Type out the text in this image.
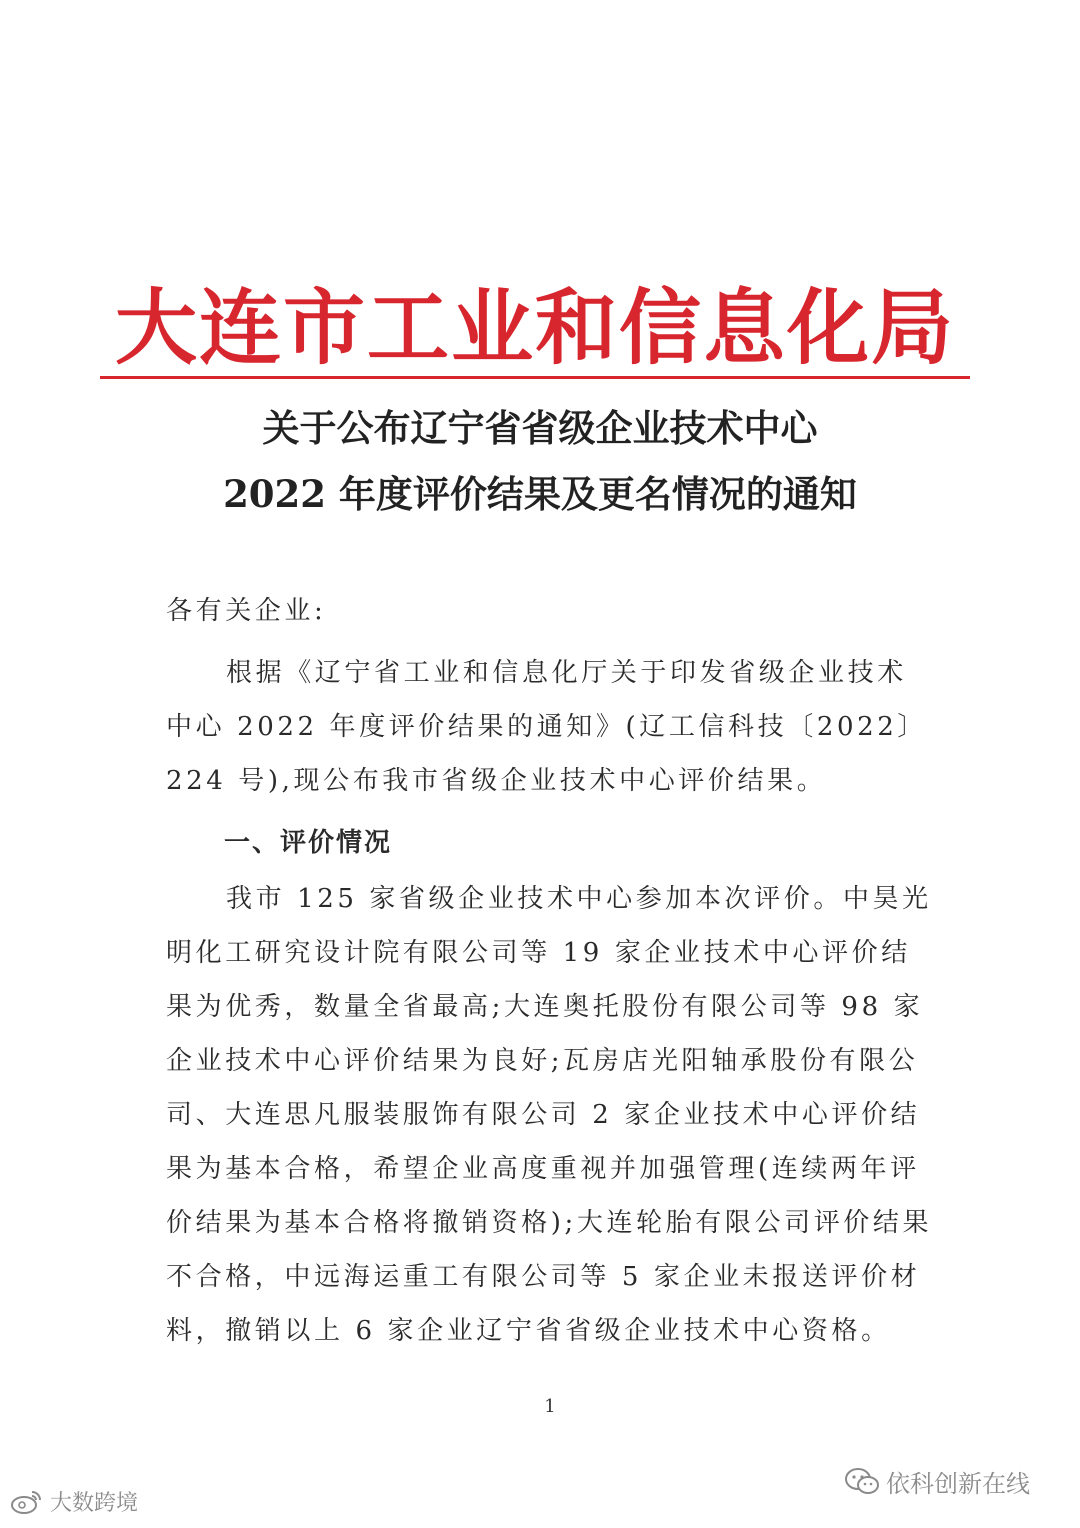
大连市工业和信息化局
关于公布辽宁省省级企业技术中心
2022 年度评价结果及更名情况的通知
各有关企业:
根据《辽宁省工业和信息化厅关于印发省级企业技术中心 2022 年度评价结果的通知》(辽工信科技〔2022〕224 号),现公布我市省级企业技术中心评价结果。
一、评价情况
我市 125 家省级企业技术中心参加本次评价。中昊光明化工研究设计院有限公司等 19 家企业技术中心评价结果为优秀，数量全省最高;大连奥托股份有限公司等 98 家企业技术中心评价结果为良好;瓦房店光阳轴承股份有限公司、大连思凡服装服饰有限公司 2 家企业技术中心评价结果为基本合格，希望企业高度重视并加强管理(连续两年评价结果为基本合格将撤销资格);大连轮胎有限公司评价结果不合格，中远海运重工有限公司等 5 家企业未报送评价材料，撤销以上 6 家企业辽宁省省级企业技术中心资格。
1
依科创新在线
大数跨境
